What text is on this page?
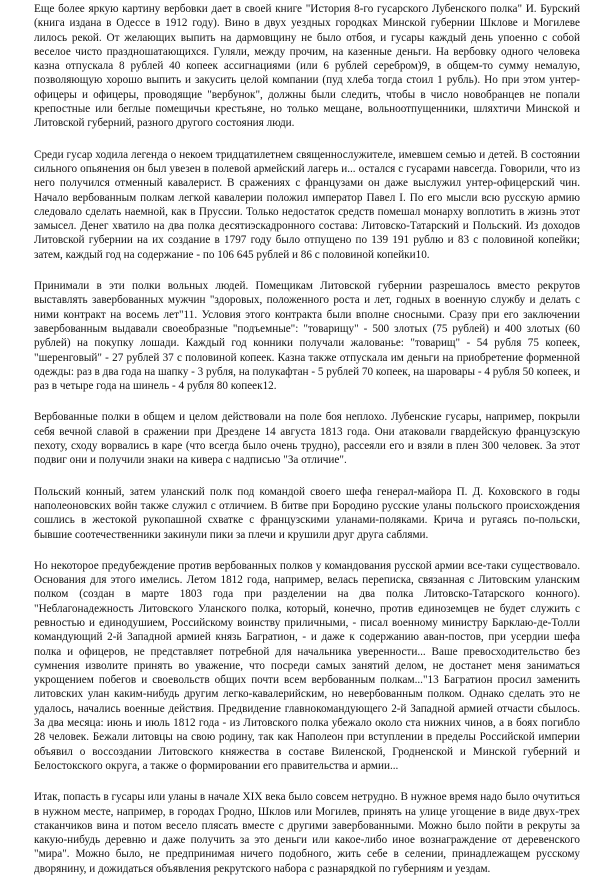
Еще более яркую картину вербовки дает в своей книге "История 8-го гусарского Лубенского полка" И. Бурский (книга издана в Одессе в 1912 году). Вино в двух уездных городках Минской губернии Шклове и Могилеве лилось рекой. От желающих выпить на дармовщину не было отбоя, и гусары каждый день упоенно с собой веселое чисто праздношатающихся. Гуляли, между прочим, на казенные деньги. На вербовку одного человека казна отпускала 8 рублей 40 копеек ассигнациями (или 6 рублей серебром)9, в общем-то сумму немалую, позволяющую хорошо выпить и закусить целой компании (пуд хлеба тогда стоил 1 рубль). Но при этом унтер-офицеры и офицеры, проводящие "вербунок", должны были следить, чтобы в число новобранцев не попали крепостные или беглые помещичьи крестьяне, но только мещане, вольноотпущенники, шляхтичи Минской и Литовской губерний, разного другого состояния люди.

Среди гусар ходила легенда о некоем тридцатилетнем священнослужителе, имевшем семью и детей. В состоянии сильного опьянения он был увезен в полевой армейский лагерь и... остался с гусарами навсегда. Говорили, что из него получился отменный кавалерист. В сражениях с французами он даже выслужил унтер-офицерский чин. Начало вербованным полкам легкой кавалерии положил император Павел I. По его мысли всю русскую армию следовало сделать наемной, как в Пруссии. Только недостаток средств помешал монарху воплотить в жизнь этот замысел. Денег хватило на два полка десятиэскадронного состава: Литовско-Татарский и Польский. Из доходов Литовской губернии на их создание в 1797 году было отпущено по 139 191 рублю и 83 с половиной копейки; затем, каждый год на содержание - по 106 645 рублей и 86 с половиной копейки10.

Принимали в эти полки вольных людей. Помещикам Литовской губернии разрешалось вместо рекрутов выставлять завербованных мужчин "здоровых, положенного роста и лет, годных в военную службу и делать с ними контракт на восемь лет"11. Условия этого контракта были вполне сносными. Сразу при его заключении завербованным выдавали своеобразные "подъемные": "товарищу" - 500 злотых (75 рублей) и 400 злотых (60 рублей) на покупку лошади. Каждый год конники получали жалованье: "товарищ" - 54 рубля 75 копеек, "шеренговый" - 27 рублей 37 с половиной копеек. Казна также отпускала им деньги на приобретение форменной одежды: раз в два года на шапку - 3 рубля, на полукафтан - 5 рублей 70 копеек, на шаровары - 4 рубля 50 копеек, и раз в четыре года на шинель - 4 рубля 80 копеек12.

Вербованные полки в общем и целом действовали на поле боя неплохо. Лубенские гусары, например, покрыли себя вечной славой в сражении при Дрездене 14 августа 1813 года. Они атаковали гвардейскую французскую пехоту, сходу ворвались в каре (что всегда было очень трудно), рассеяли его и взяли в плен 300 человек. За этот подвиг они и получили знаки на кивера с надписью "За отличие".

Польский конный, затем уланский полк под командой своего шефа генерал-майора П. Д. Коховского в годы наполеоновских войн также служил с отличием. В битве при Бородино русские уланы польского происхождения сошлись в жестокой рукопашной схватке с французскими уланами-поляками. Крича и ругаясь по-польски, бывшие соотечественники закинули пики за плечи и крушили друг друга саблями.

Но некоторое предубеждение против вербованных полков у командования русской армии все-таки существовало. Основания для этого имелись. Летом 1812 года, например, велась переписка, связанная с Литовским уланским полком (создан в марте 1803 года при разделении на два полка Литовско-Татарского конного). "Неблагонадежность Литовского Уланского полка, который, конечно, против единоземцев не будет служить с ревностью и единодушием, Российскому воинству приличными, - писал военному министру Барклаю-де-Толли командующий 2-й Западной армией князь Багратион, - и даже к содержанию аван-постов, при усердии шефа полка и офицеров, не представляет потребной для начальника уверенности... Ваше превосходительство без сумнения изволите принять во уважение, что посреди самых занятий делом, не достанет меня заниматься укрощением побегов и своевольств общих почти всем вербованным полкам..."13 Багратион просил заменить литовских улан каким-нибудь другим легко-кавалерийским, но невербованным полком. Однако сделать это не удалось, начались военные действия. Предвидение главнокомандующего 2-й Западной армией отчасти сбылось. За два месяца: июнь и июль 1812 года - из Литовского полка убежало около ста нижних чинов, а в боях погибло 28 человек. Бежали литовцы на свою родину, так как Наполеон при вступлении в пределы Российской империи объявил о воссоздании Литовского княжества в составе Виленской, Гродненской и Минской губерний и Белостокского округа, а также о формировании его правительства и армии...

Итак, попасть в гусары или уланы в начале XIX века было совсем нетрудно. В нужное время надо было очутиться в нужном месте, например, в городах Гродно, Шклов или Могилев, принять на улице угощение в виде двух-трех стаканчиков вина и потом весело плясать вместе с другими завербованными. Можно было пойти в рекруты за какую-нибудь деревню и даже получить за это деньги или какое-либо иное вознаграждение от деревенского "мира". Можно было, не предпринимая ничего подобного, жить себе в селении, принадлежащем русскому дворянину, и дожидаться объявления рекрутского набора с разнарядкой по губерниям и уездам.
